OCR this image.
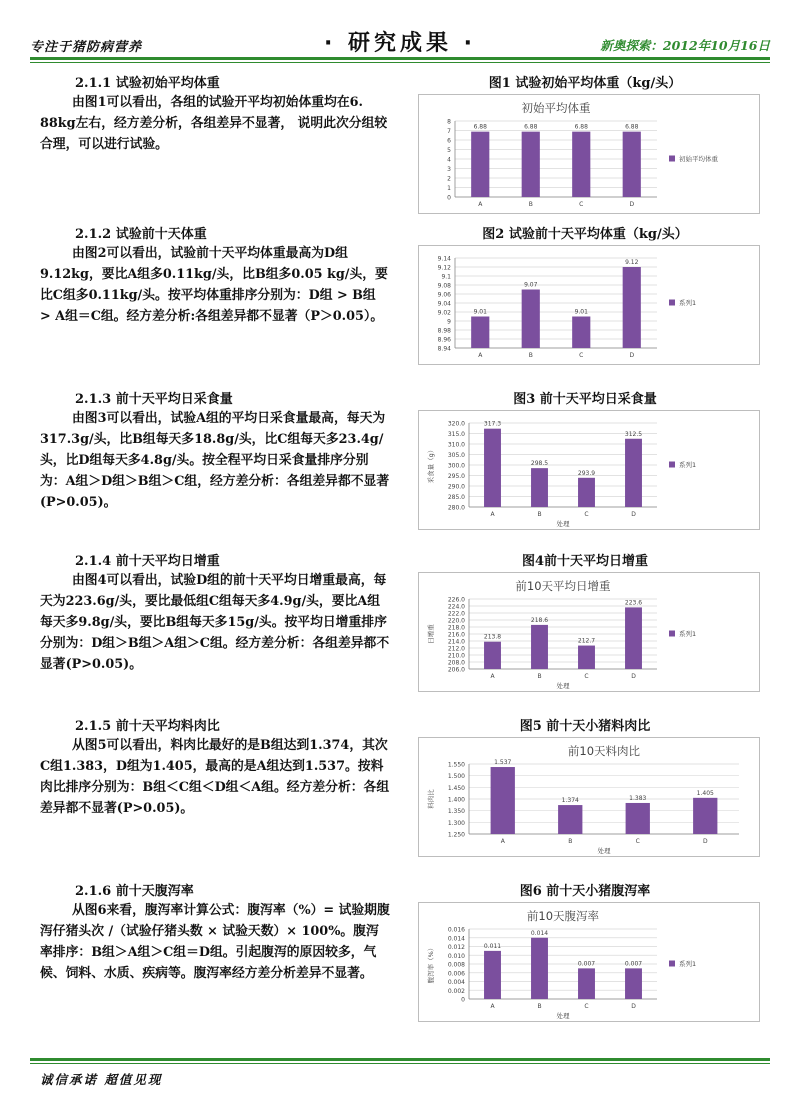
专注于猪防病营养	· 研究成果 ·	新奥探索：2012年10月16日
2.1.1 试验初始平均体重
由图1可以看出，各组的试验开平均初始体重均在6. 88kg左右，经方差分析，各组差异不显著， 说明此次分组较合理，可以进行试验。
图1 试验初始平均体重（kg/头）
初始平均体重
0
1
2
3
4
5
6
7
8
6.88
A
6.88
B
6.88
C
6.88
D
初始平均体重
2.1.2 试验前十天体重
由图2可以看出，试验前十天平均体重最高为D组9.12kg，要比A组多0.11kg/头，比B组多0.05 kg/头，要比C组多0.11kg/头。按平均体重排序分别为：D组 > B组 > A组＝C组。经方差分析:各组差异都不显著（P＞0.05）。
图2 试验前十天平均体重（kg/头）
8.94
8.96
8.98
9
9.02
9.04
9.06
9.08
9.1
9.12
9.14
9.01
A
9.07
B
9.01
C
9.12
D
系列1
2.1.3 前十天平均日采食量
由图3可以看出，试验A组的平均日采食量最高，每天为317.3g/头，比B组每天多18.8g/头，比C组每天多23.4g/头，比D组每天多4.8g/头。按全程平均日采食量排序分别为：A组＞D组＞B组＞C组，经方差分析：各组差异都不显著(P>0.05)。
图3 前十天平均日采食量
280.0
285.0
290.0
295.0
300.0
305.0
310.0
315.0
320.0	317.3
A
298.5
B
293.9
C
312.5
D
处理
采食量（g）	系列1
2.1.4 前十天平均日增重
由图4可以看出，试验D组的前十天平均日增重最高，每天为223.6g/头，要比最低组C组每天多4.9g/头，要比A组每天多9.8g/头，要比B组每天多15g/头。按平均日增重排序分别为：D组＞B组＞A组＞C组。经方差分析：各组差异都不显著(P>0.05)。
图4前十天平均日增重
前10天平均日增重
206.0
208.0
210.0
212.0
214.0
216.0
218.0
220.0
222.0
224.0
226.0
213.8
A
218.6
B
212.7
C
223.6
D
处理
日增重	系列1
2.1.5 前十天平均料肉比
从图5可以看出，料肉比最好的是B组达到1.374，其次C组1.383，D组为1.405，最高的是A组达到1.537。按料肉比排序分别为：B组＜C组＜D组＜A组。经方差分析：各组差异都不显著(P>0.05)。
图5 前十天小猪料肉比
前10天料肉比
1.250
1.300
1.350
1.400
1.450
1.500
1.550	1.537
A
1.374
B
1.383
C
1.405
D
处理
料肉比
2.1.6 前十天腹泻率
从图6来看，腹泻率计算公式：腹泻率（%）= 试验期腹泻仔猪头次 /（试验仔猪头数 × 试验天数）× 100%。腹泻率排序：B组＞A组＞C组＝D组。引起腹泻的原因较多，气候、饲料、水质、疾病等。腹泻率经方差分析差异不显著。
图6 前十天小猪腹泻率
前10天腹泻率
0
0.002
0.004
0.006
0.008
0.010
0.012
0.014
0.016
0.011
A
0.014
B
0.007
C
0.007
D
处理
腹泻率（%）	系列1
诚信承诺 超值见现
